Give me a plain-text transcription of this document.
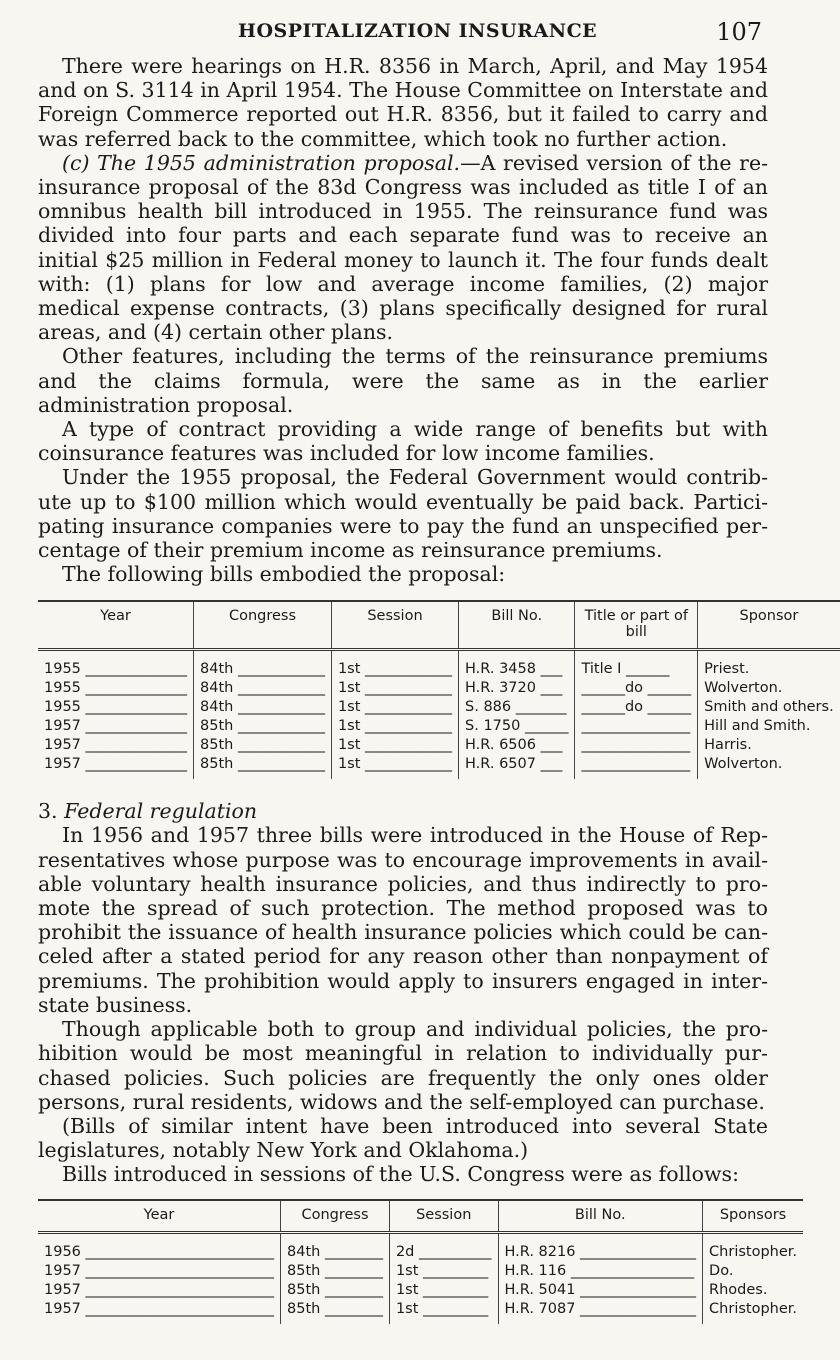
HOSPITALIZATION INSURANCE	107

There were hearings on H.R. 8356 in March, April, and May 1954 and on S. 3114 in April 1954. The House Committee on Interstate and Foreign Commerce reported out H.R. 8356, but it failed to carry and was referred back to the committee, which took no further action.

(c) The 1955 administration proposal.—A revised version of the re-insurance proposal of the 83d Congress was included as title I of an omnibus health bill introduced in 1955. The reinsurance fund was divided into four parts and each separate fund was to receive an initial $25 million in Federal money to launch it. The four funds dealt with: (1) plans for low and average income families, (2) major medical expense contracts, (3) plans specifically designed for rural areas, and (4) certain other plans.

Other features, including the terms of the reinsurance premiums and the claims formula, were the same as in the earlier administration proposal.

A type of contract providing a wide range of benefits but with coinsurance features was included for low income families.

Under the 1955 proposal, the Federal Government would contrib-ute up to $100 million which would eventually be paid back. Partici-pating insurance companies were to pay the fund an unspecified per-centage of their premium income as reinsurance premiums.

The following bills embodied the proposal:

Year	Congress	Session	Bill No.	Title or part of bill	Sponsor
1955 ______________	84th ____________	1st ____________	H.R. 3458 ___	Title I ______	Priest.
1955 ______________	84th ____________	1st ____________	H.R. 3720 ___	______do ______	Wolverton.
1955 ______________	84th ____________	1st ____________	S. 886 _______	______do ______	Smith and others.
1957 ______________	85th ____________	1st ____________	S. 1750 ______	_______________	Hill and Smith.
1957 ______________	85th ____________	1st ____________	H.R. 6506 ___	_______________	Harris.
1957 ______________	85th ____________	1st ____________	H.R. 6507 ___	_______________	Wolverton.
3. Federal regulation

In 1956 and 1957 three bills were introduced in the House of Rep-resentatives whose purpose was to encourage improvements in avail-able voluntary health insurance policies, and thus indirectly to pro-mote the spread of such protection. The method proposed was to prohibit the issuance of health insurance policies which could be can-celed after a stated period for any reason other than nonpayment of premiums. The prohibition would apply to insurers engaged in inter-state business.

Though applicable both to group and individual policies, the pro-hibition would be most meaningful in relation to individually pur-chased policies. Such policies are frequently the only ones older persons, rural residents, widows and the self-employed can purchase.

(Bills of similar intent have been introduced into several State legislatures, notably New York and Oklahoma.)

Bills introduced in sessions of the U.S. Congress were as follows:

Year	Congress	Session	Bill No.	Sponsors
1956 __________________________	84th ________	2d __________	H.R. 8216 ________________	Christopher.
1957 __________________________	85th ________	1st _________	H.R. 116 _________________	Do.
1957 __________________________	85th ________	1st _________	H.R. 5041 ________________	Rhodes.
1957 __________________________	85th ________	1st _________	H.R. 7087 ________________	Christopher.
